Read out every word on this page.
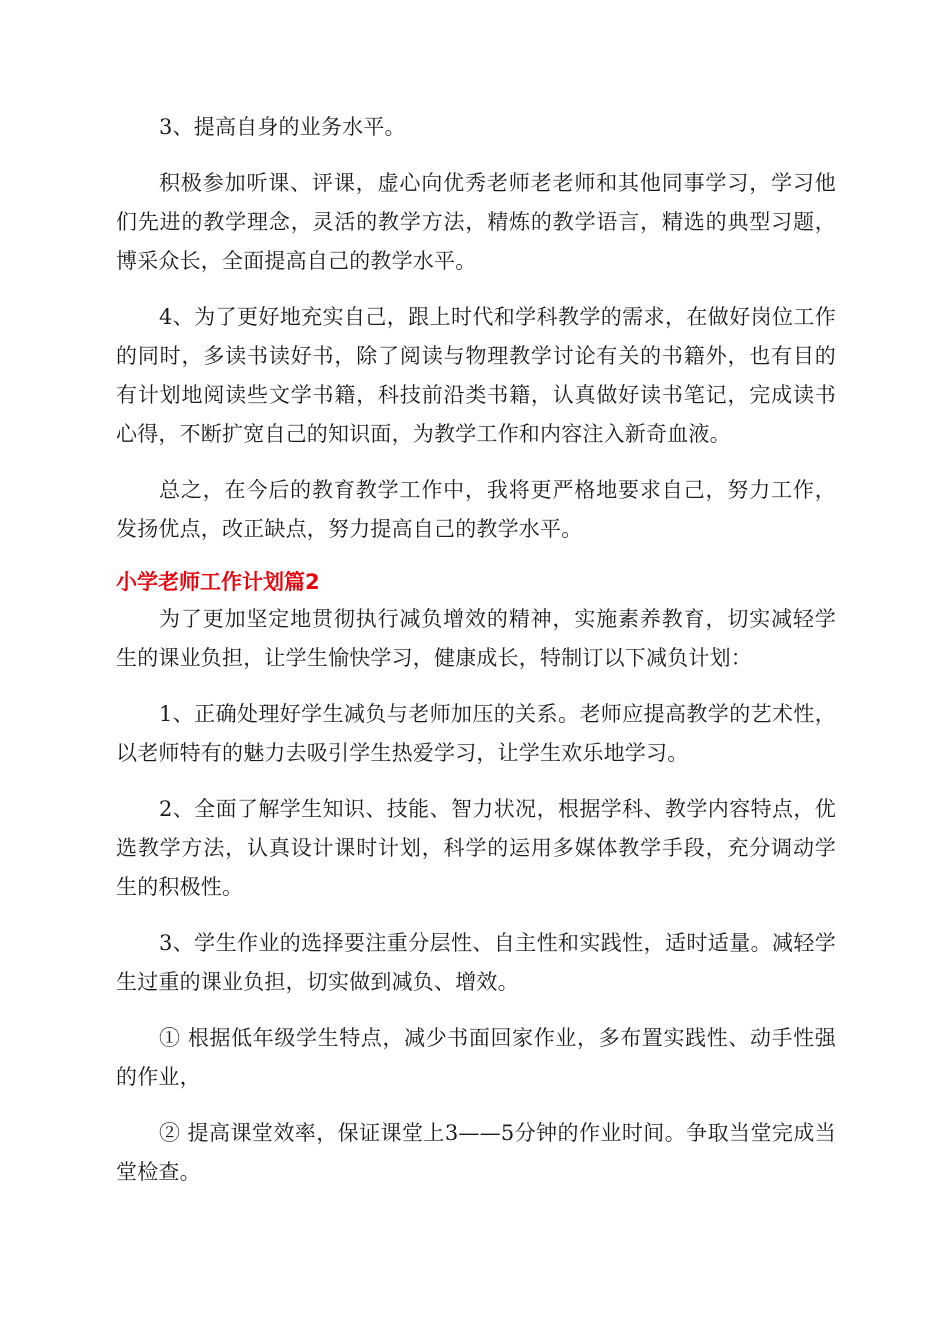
3、提高自身的业务水平。

积极参加听课、评课，虚心向优秀老师老老师和其他同事学习，学习他们先进的教学理念，灵活的教学方法，精炼的教学语言，精选的典型习题，博采众长，全面提高自己的教学水平。

4、为了更好地充实自己，跟上时代和学科教学的需求，在做好岗位工作的同时，多读书读好书，除了阅读与物理教学讨论有关的书籍外，也有目的有计划地阅读些文学书籍，科技前沿类书籍，认真做好读书笔记，完成读书心得，不断扩宽自己的知识面，为教学工作和内容注入新奇血液。

总之，在今后的教育教学工作中，我将更严格地要求自己，努力工作，发扬优点，改正缺点，努力提高自己的教学水平。

小学老师工作计划篇2

为了更加坚定地贯彻执行减负增效的精神，实施素养教育，切实减轻学生的课业负担，让学生愉快学习，健康成长，特制订以下减负计划：

1、正确处理好学生减负与老师加压的关系。老师应提高教学的艺术性，以老师特有的魅力去吸引学生热爱学习，让学生欢乐地学习。

2、全面了解学生知识、技能、智力状况，根据学科、教学内容特点，优选教学方法，认真设计课时计划，科学的运用多媒体教学手段，充分调动学生的积极性。

3、学生作业的选择要注重分层性、自主性和实践性，适时适量。减轻学生过重的课业负担，切实做到减负、增效。

① 根据低年级学生特点，减少书面回家作业，多布置实践性、动手性强的作业，

② 提高课堂效率，保证课堂上3——5分钟的作业时间。争取当堂完成当堂检查。
